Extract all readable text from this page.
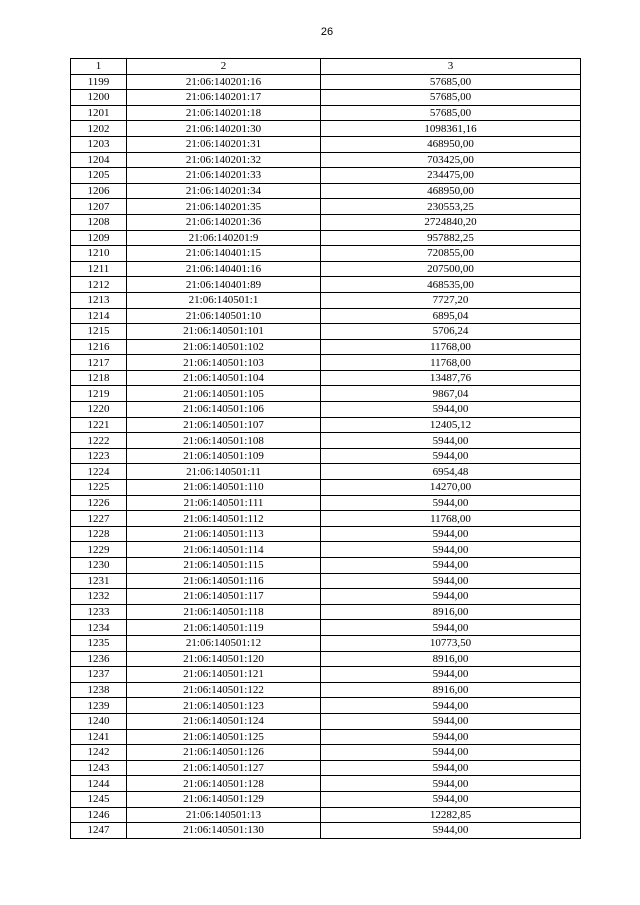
26
1	2	3
1199	21:06:140201:16	57685,00
1200	21:06:140201:17	57685,00
1201	21:06:140201:18	57685,00
1202	21:06:140201:30	1098361,16
1203	21:06:140201:31	468950,00
1204	21:06:140201:32	703425,00
1205	21:06:140201:33	234475,00
1206	21:06:140201:34	468950,00
1207	21:06:140201:35	230553,25
1208	21:06:140201:36	2724840,20
1209	21:06:140201:9	957882,25
1210	21:06:140401:15	720855,00
1211	21:06:140401:16	207500,00
1212	21:06:140401:89	468535,00
1213	21:06:140501:1	7727,20
1214	21:06:140501:10	6895,04
1215	21:06:140501:101	5706,24
1216	21:06:140501:102	11768,00
1217	21:06:140501:103	11768,00
1218	21:06:140501:104	13487,76
1219	21:06:140501:105	9867,04
1220	21:06:140501:106	5944,00
1221	21:06:140501:107	12405,12
1222	21:06:140501:108	5944,00
1223	21:06:140501:109	5944,00
1224	21:06:140501:11	6954,48
1225	21:06:140501:110	14270,00
1226	21:06:140501:111	5944,00
1227	21:06:140501:112	11768,00
1228	21:06:140501:113	5944,00
1229	21:06:140501:114	5944,00
1230	21:06:140501:115	5944,00
1231	21:06:140501:116	5944,00
1232	21:06:140501:117	5944,00
1233	21:06:140501:118	8916,00
1234	21:06:140501:119	5944,00
1235	21:06:140501:12	10773,50
1236	21:06:140501:120	8916,00
1237	21:06:140501:121	5944,00
1238	21:06:140501:122	8916,00
1239	21:06:140501:123	5944,00
1240	21:06:140501:124	5944,00
1241	21:06:140501:125	5944,00
1242	21:06:140501:126	5944,00
1243	21:06:140501:127	5944,00
1244	21:06:140501:128	5944,00
1245	21:06:140501:129	5944,00
1246	21:06:140501:13	12282,85
1247	21:06:140501:130	5944,00
